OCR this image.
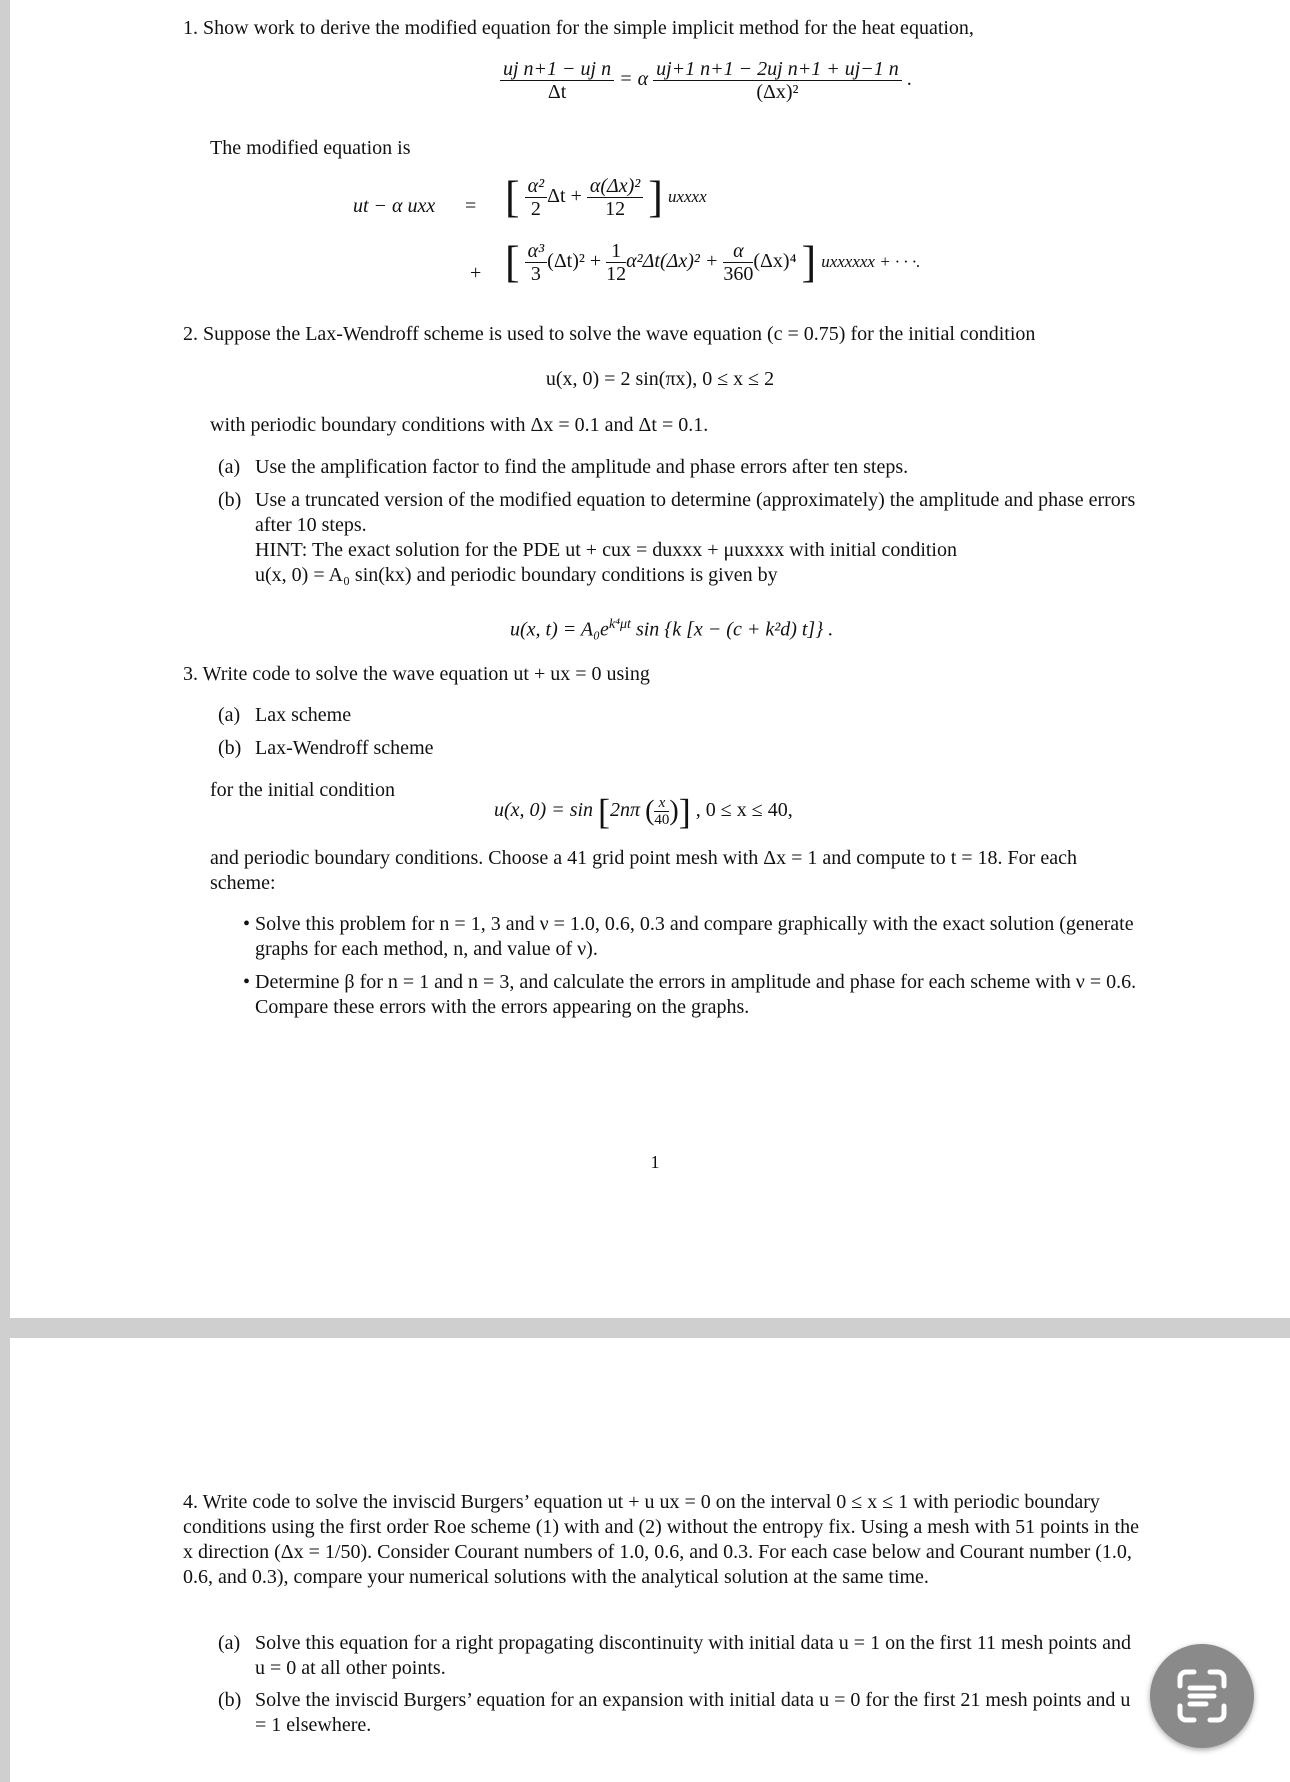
1. Show work to derive the modified equation for the simple implicit method for the heat equation,
$\frac{\text{uj n+1 − uj n}}{\Delta t} = \alpha \frac{\text{uj+1 n+1 − 2uj n+1 + uj−1 n}}{\text{(Δx)²}}$ .
The modified equation is
ut − α uxx = [ $\frac{\text{α²}}{2}$ $\Delta t + \frac{\text{α(Δx)²}}{12}$ ] uxxxx
+ [ $\frac{\text{α³}}{3} (\Delta t)^2 + \frac{1}{12} \alpha^2\Delta t(\Delta x)^2 + \frac{\alpha}{360} (\Delta x)^4$ ] uxxxxxx + · · ·.
2. Suppose the Lax-Wendroff scheme is used to solve the wave equation (c = 0.75) for the initial condition
u(x, 0) = 2 sin(πx), 0 ≤ x ≤ 2
with periodic boundary conditions with Δx = 0.1 and Δt = 0.1.
(a) Use the amplification factor to find the amplitude and phase errors after ten steps.
(b) Use a truncated version of the modified equation to determine (approximately) the amplitude and phase errors after 10 steps.
HINT: The exact solution for the PDE ut + cux = duxxx + μuxxxx with initial condition
u(x, 0) = A₀ sin(kx) and periodic boundary conditions is given by
u(x, $t) = A_0e^{k^4\mu t}$ sin {k [x − (c + k²d) t]} .
3. Write code to solve the wave equation ut + ux = 0 using
(a) Lax scheme
(b) Lax-Wendroff scheme
for the initial condition
u(x, 0) = sin [2nπ ( $\frac{x}{40}$ )] , 0 ≤ x ≤ 40,
and periodic boundary conditions. Choose a 41 grid point mesh with Δx = 1 and compute to t = 18. For each scheme:
• Solve this problem for n = 1, 3 and ν = 1.0, 0.6, 0.3 and compare graphically with the exact solution (generate graphs for each method, n, and value of ν).
• Determine β for n = 1 and n = 3, and calculate the errors in amplitude and phase for each scheme with ν = 0.6. Compare these errors with the errors appearing on the graphs.
1
4. Write code to solve the inviscid Burgers’ equation ut + u ux = 0 on the interval 0 ≤ x ≤ 1 with periodic boundary conditions using the first order Roe scheme (1) with and (2) without the entropy fix. Using a mesh with 51 points in the x direction (Δx = 1/50). Consider Courant numbers of 1.0, 0.6, and 0.3. For each case below and Courant number (1.0, 0.6, and 0.3), compare your numerical solutions with the analytical solution at the same time.
(a) Solve this equation for a right propagating discontinuity with initial data u = 1 on the first 11 mesh points and u = 0 at all other points.
(b) Solve the inviscid Burgers’ equation for an expansion with initial data u = 0 for the first 21 mesh points and u = 1 elsewhere.
